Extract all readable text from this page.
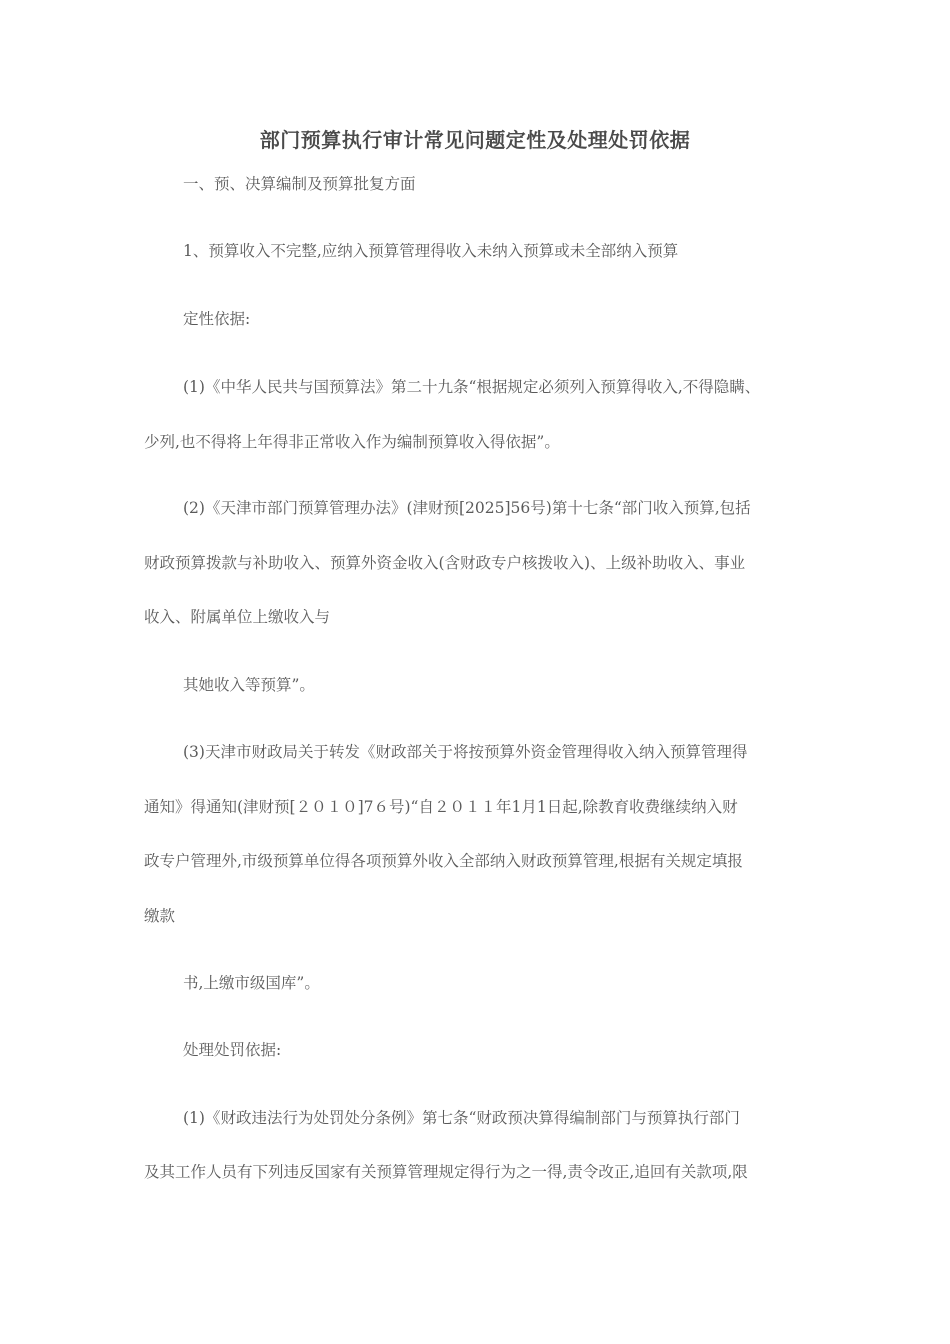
部门预算执行审计常见问题定性及处理处罚依据
一、预、决算编制及预算批复方面
1、预算收入不完整,应纳入预算管理得收入未纳入预算或未全部纳入预算
定性依据:
(1)《中华人民共与国预算法》第二十九条“根据规定必须列入预算得收入,不得隐瞒、
少列,也不得将上年得非正常收入作为编制预算收入得依据”。
(2)《天津市部门预算管理办法》(津财预[2025]56号)第十七条“部门收入预算,包括
财政预算拨款与补助收入、预算外资金收入(含财政专户核拨收入)、上级补助收入、事业
收入、附属单位上缴收入与
其她收入等预算”。
(3)天津市财政局关于转发《财政部关于将按预算外资金管理得收入纳入预算管理得
通知》得通知(津财预[２０１０]7６号)“自２０１１年1月1日起,除教育收费继续纳入财
政专户管理外,市级预算单位得各项预算外收入全部纳入财政预算管理,根据有关规定填报
缴款
书,上缴市级国库”。
处理处罚依据:
(1)《财政违法行为处罚处分条例》第七条“财政预决算得编制部门与预算执行部门
及其工作人员有下列违反国家有关预算管理规定得行为之一得,责令改正,追回有关款项,限
